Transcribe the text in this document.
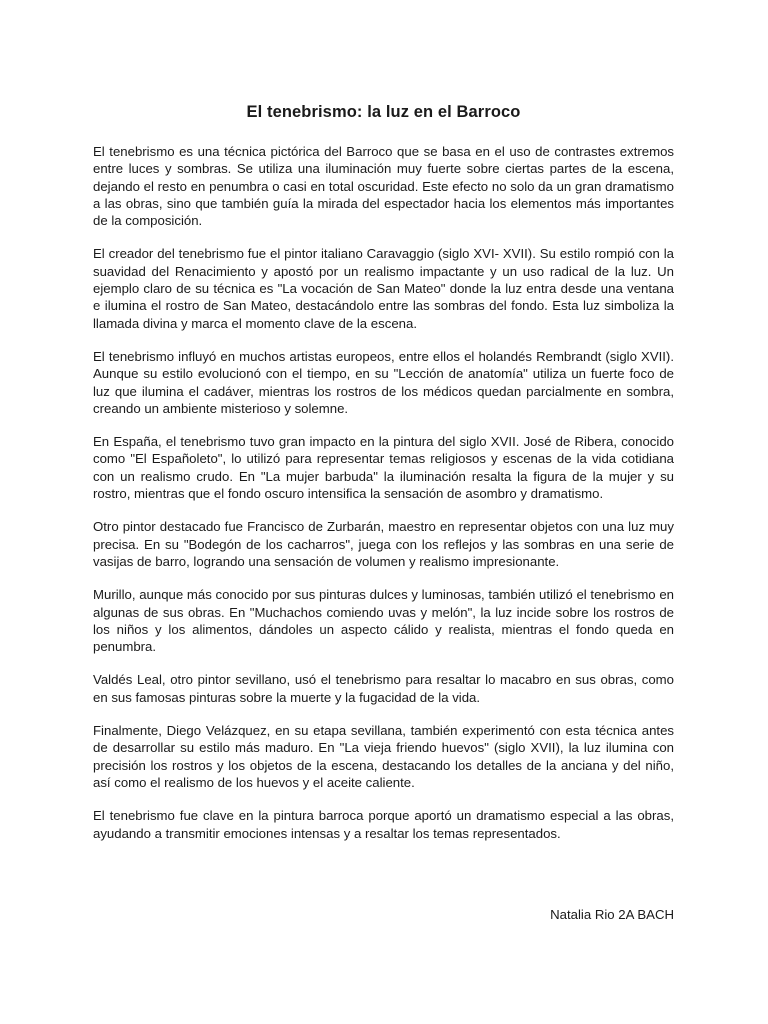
El tenebrismo: la luz en el Barroco

El tenebrismo es una técnica pictórica del Barroco que se basa en el uso de contrastes extremos entre luces y sombras. Se utiliza una iluminación muy fuerte sobre ciertas partes de la escena, dejando el resto en penumbra o casi en total oscuridad. Este efecto no solo da un gran dramatismo a las obras, sino que también guía la mirada del espectador hacia los elementos más importantes de la composición.

El creador del tenebrismo fue el pintor italiano Caravaggio (siglo XVI- XVII). Su estilo rompió con la suavidad del Renacimiento y apostó por un realismo impactante y un uso radical de la luz. Un ejemplo claro de su técnica es "La vocación de San Mateo" donde la luz entra desde una ventana e ilumina el rostro de San Mateo, destacándolo entre las sombras del fondo. Esta luz simboliza la llamada divina y marca el momento clave de la escena.

El tenebrismo influyó en muchos artistas europeos, entre ellos el holandés Rembrandt (siglo XVII). Aunque su estilo evolucionó con el tiempo, en su "Lección de anatomía" utiliza un fuerte foco de luz que ilumina el cadáver, mientras los rostros de los médicos quedan parcialmente en sombra, creando un ambiente misterioso y solemne.

En España, el tenebrismo tuvo gran impacto en la pintura del siglo XVII. José de Ribera, conocido como "El Españoleto", lo utilizó para representar temas religiosos y escenas de la vida cotidiana con un realismo crudo. En "La mujer barbuda" la iluminación resalta la figura de la mujer y su rostro, mientras que el fondo oscuro intensifica la sensación de asombro y dramatismo.

Otro pintor destacado fue Francisco de Zurbarán, maestro en representar objetos con una luz muy precisa. En su "Bodegón de los cacharros", juega con los reflejos y las sombras en una serie de vasijas de barro, logrando una sensación de volumen y realismo impresionante.

Murillo, aunque más conocido por sus pinturas dulces y luminosas, también utilizó el tenebrismo en algunas de sus obras. En "Muchachos comiendo uvas y melón", la luz incide sobre los rostros de los niños y los alimentos, dándoles un aspecto cálido y realista, mientras el fondo queda en penumbra.

Valdés Leal, otro pintor sevillano, usó el tenebrismo para resaltar lo macabro en sus obras, como en sus famosas pinturas sobre la muerte y la fugacidad de la vida.

Finalmente, Diego Velázquez, en su etapa sevillana, también experimentó con esta técnica antes de desarrollar su estilo más maduro. En "La vieja friendo huevos" (siglo XVII), la luz ilumina con precisión los rostros y los objetos de la escena, destacando los detalles de la anciana y del niño, así como el realismo de los huevos y el aceite caliente.

El tenebrismo fue clave en la pintura barroca porque aportó un dramatismo especial a las obras, ayudando a transmitir emociones intensas y a resaltar los temas representados.

Natalia Rio 2A BACH
